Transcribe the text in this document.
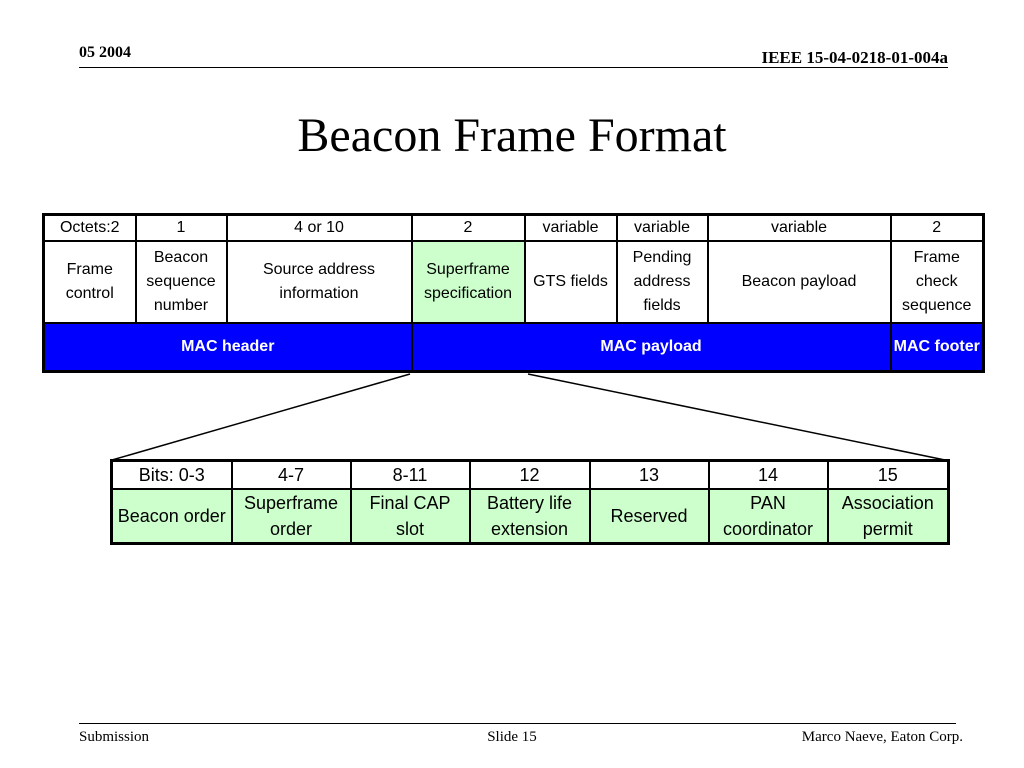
05 2004	IEEE 15-04-0218-01-004a
Beacon Frame Format
Octets:2	1	4 or 10	2	variable	variable	variable	2
Frame control	Beacon sequence number	Source address information	Superframe specification	GTS fields	Pending address fields	Beacon payload	Frame check sequence
MAC header			MAC payload				MAC footer
Bits: 0-3	4-7	8-11	12	13	14	15
Beacon order	Superframe order	Final CAP slot	Battery life extension	Reserved	PAN coordinator	Association permit
Submission	Slide 15	Marco Naeve, Eaton Corp.
